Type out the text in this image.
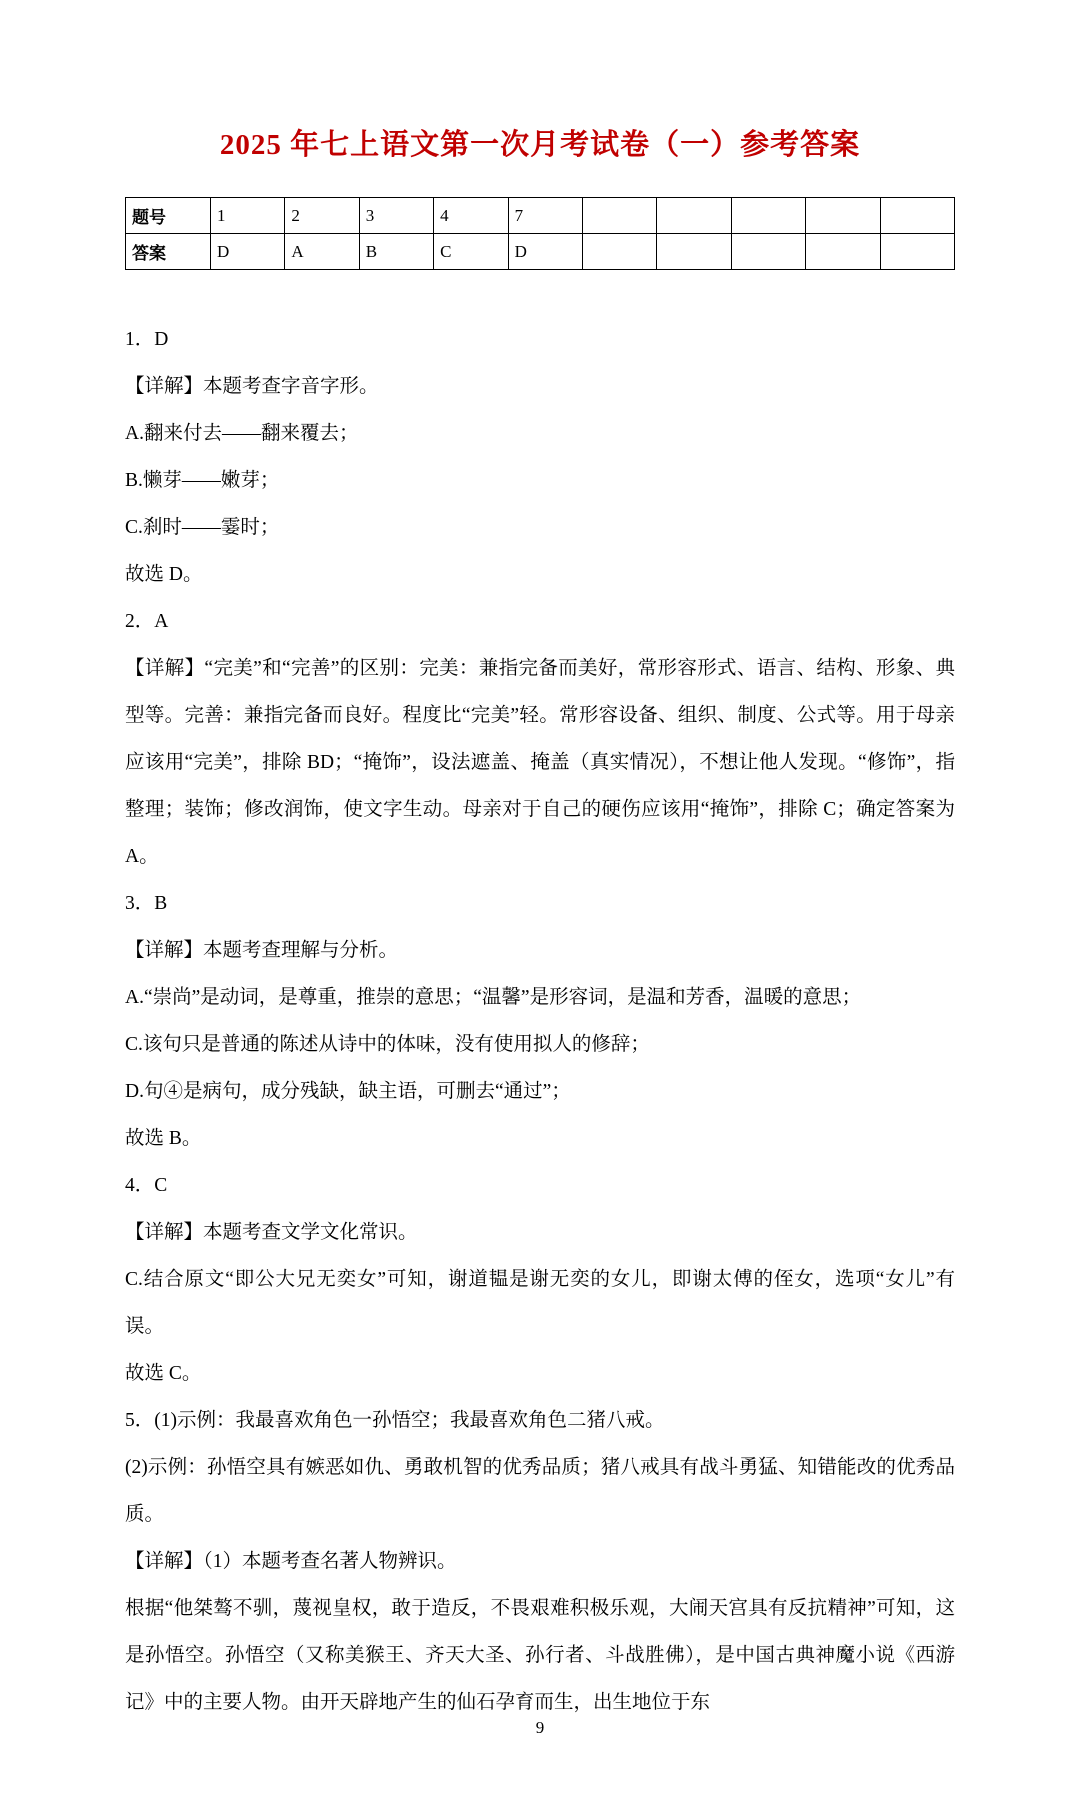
2025 年七上语文第一次月考试卷（一）参考答案
题号	1	2	3	4	7					
答案	D	A	B	C	D					

1．D

【详解】本题考查字音字形。

A.翻来付去——翻来覆去；

B.懒芽——嫩芽；

C.刹时——霎时；

故选 D。

2．A

【详解】“完美”和“完善”的区别：完美：兼指完备而美好，常形容形式、语言、结构、形象、典型等。完善：兼指完备而良好。程度比“完美”轻。常形容设备、组织、制度、公式等。用于母亲应该用“完美”，排除 BD；“掩饰”，设法遮盖、掩盖（真实情况），不想让他人发现。“修饰”，指整理；装饰；修改润饰，使文字生动。母亲对于自己的硬伤应该用“掩饰”，排除 C；确定答案为 A。

3．B

【详解】本题考查理解与分析。

A.“崇尚”是动词，是尊重，推崇的意思；“温馨”是形容词，是温和芳香，温暖的意思；

C.该句只是普通的陈述从诗中的体味，没有使用拟人的修辞；

D.句④是病句，成分残缺，缺主语，可删去“通过”；

故选 B。

4．C

【详解】本题考查文学文化常识。

C.结合原文“即公大兄无奕女”可知，谢道韫是谢无奕的女儿，即谢太傅的侄女，选项“女儿”有误。

故选 C。

5．(1)示例：我最喜欢角色一孙悟空；我最喜欢角色二猪八戒。

(2)示例：孙悟空具有嫉恶如仇、勇敢机智的优秀品质；猪八戒具有战斗勇猛、知错能改的优秀品质。

【详解】（1）本题考查名著人物辨识。

根据“他桀骜不驯，蔑视皇权，敢于造反，不畏艰难积极乐观，大闹天宫具有反抗精神”可知，这是孙悟空。孙悟空（又称美猴王、齐天大圣、孙行者、斗战胜佛），是中国古典神魔小说《西游记》中的主要人物。由开天辟地产生的仙石孕育而生，出生地位于东

9
